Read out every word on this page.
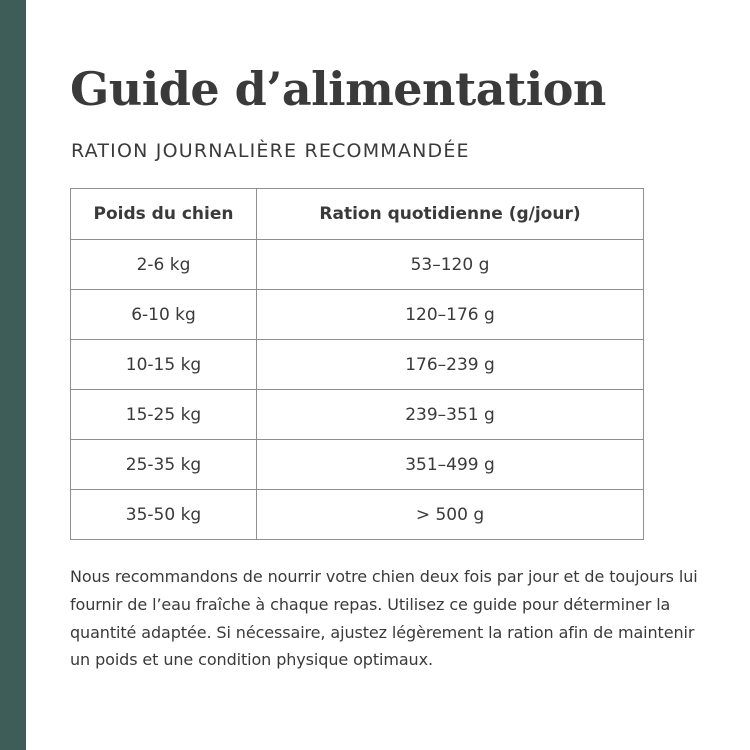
Guide d’alimentation
RATION JOURNALIÈRE RECOMMANDÉE
Poids du chien	Ration quotidienne (g/jour)
2-6 kg	53–120 g
6-10 kg	120–176 g
10-15 kg	176–239 g
15-25 kg	239–351 g
25-35 kg	351–499 g
35-50 kg	> 500 g

Nous recommandons de nourrir votre chien deux fois par jour et de toujours lui fournir de l’eau fraîche à chaque repas. Utilisez ce guide pour déterminer la quantité adaptée. Si nécessaire, ajustez légèrement la ration afin de maintenir un poids et une condition physique optimaux.
